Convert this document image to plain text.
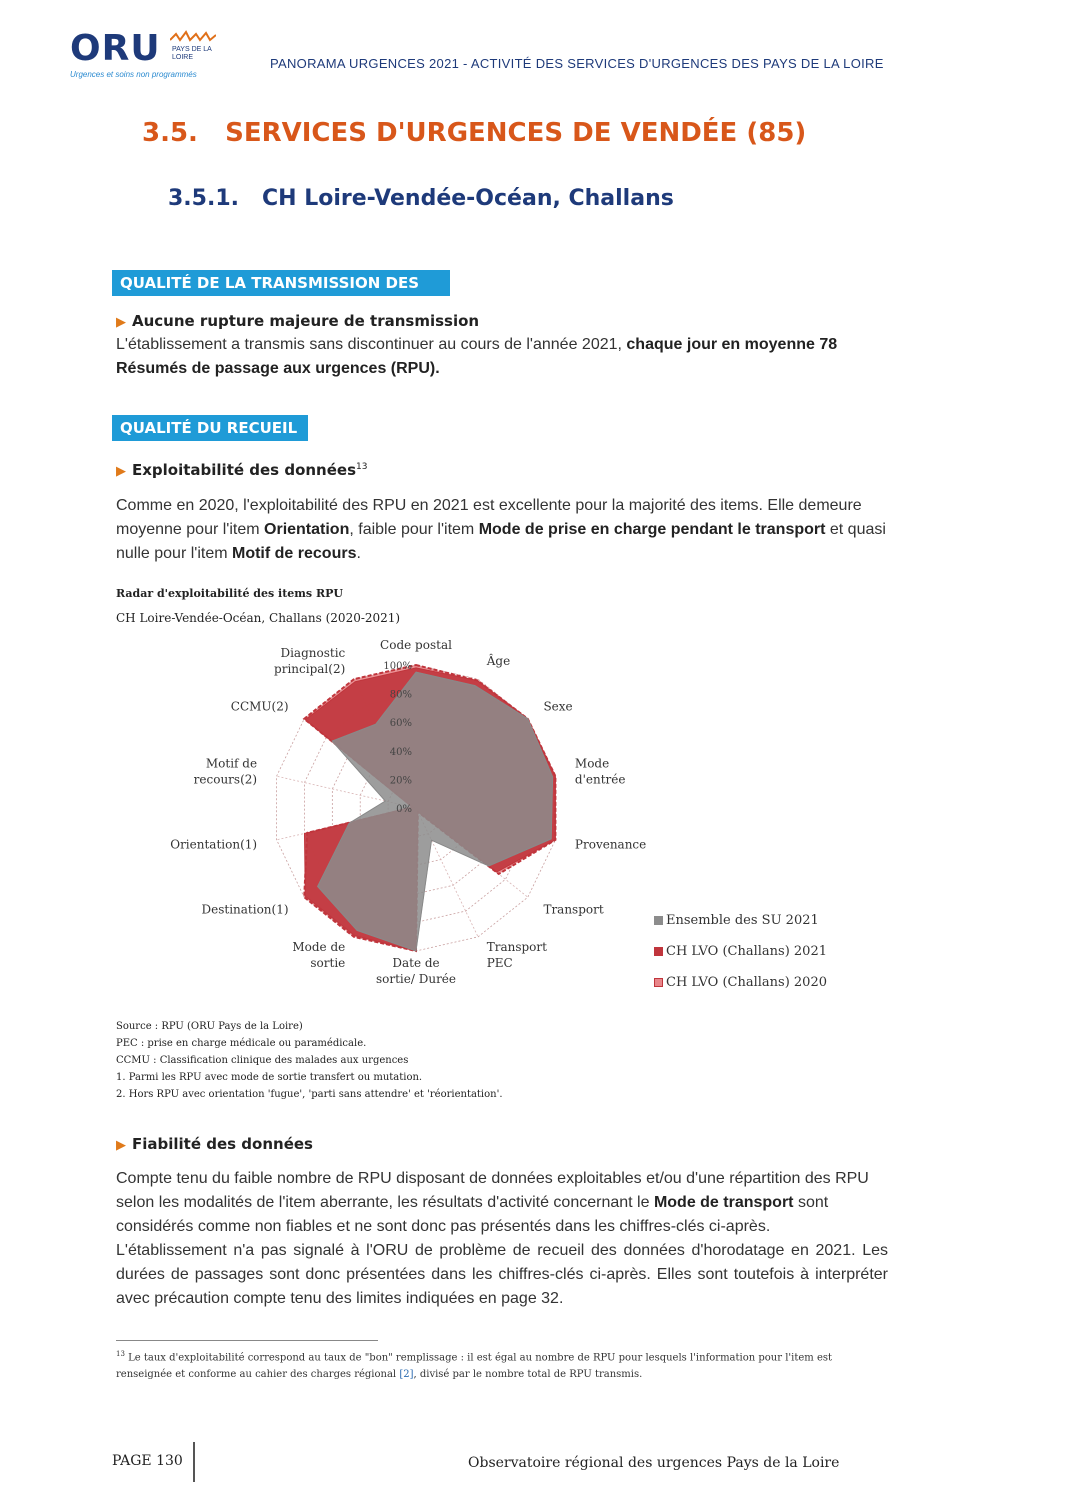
ORU PAYS DE LA LOIRE
Urgences et soins non programmés
PANORAMA URGENCES 2021 - ACTIVITÉ DES SERVICES D'URGENCES DES PAYS DE LA LOIRE
3.5. SERVICES D'URGENCES DE VENDÉE (85)
3.5.1. CH Loire-Vendée-Océan, Challans
QUALITÉ DE LA TRANSMISSION DES RPU
▶ Aucune rupture majeure de transmission
L'établissement a transmis sans discontinuer au cours de l'année 2021, chaque jour en moyenne 78 Résumés de passage aux urgences (RPU).
QUALITÉ DU RECUEIL
▶ Exploitabilité des données$^{13}$
Comme en 2020, l'exploitabilité des RPU en 2021 est excellente pour la majorité des items. Elle demeure moyenne pour l'item Orientation, faible pour l'item Mode de prise en charge pendant le transport et quasi nulle pour l'item Motif de recours.
Radar d'exploitabilité des items RPU
CH Loire-Vendée-Océan, Challans (2020-2021)
0%
20%
40%
60%
80%
100%
Code postal
Âge
Sexe
Mode d'entrée
Provenance
Transport
Transport PEC
Date de sortie/ Durée
Mode de sortie
Destination(1)
Orientation(1)
Motif de recours(2)
CCMU(2)
Diagnostic principal(2)
Ensemble des SU 2021
CH LVO (Challans) 2021
CH LVO (Challans) 2020
Source : RPU (ORU Pays de la Loire)
PEC : prise en charge médicale ou paramédicale.
CCMU : Classification clinique des malades aux urgences
1. Parmi les RPU avec mode de sortie transfert ou mutation.
2. Hors RPU avec orientation 'fugue', 'parti sans attendre' et 'réorientation'.
▶ Fiabilité des données
Compte tenu du faible nombre de RPU disposant de données exploitables et/ou d'une répartition des RPU selon les modalités de l'item aberrante, les résultats d'activité concernant le Mode de transport sont considérés comme non fiables et ne sont donc pas présentés dans les chiffres-clés ci-après.
L'établissement n'a pas signalé à l'ORU de problème de recueil des données d'horodatage en 2021. Les durées de passages sont donc présentées dans les chiffres-clés ci-après. Elles sont toutefois à interpréter avec précaution compte tenu des limites indiquées en page 32.
$^{13}$ Le taux d'exploitabilité correspond au taux de "bon" remplissage : il est égal au nombre de RPU pour lesquels l'information pour l'item est renseignée et conforme au cahier des charges régional [2], divisé par le nombre total de RPU transmis.
PAGE 130	Observatoire régional des urgences Pays de la Loire
